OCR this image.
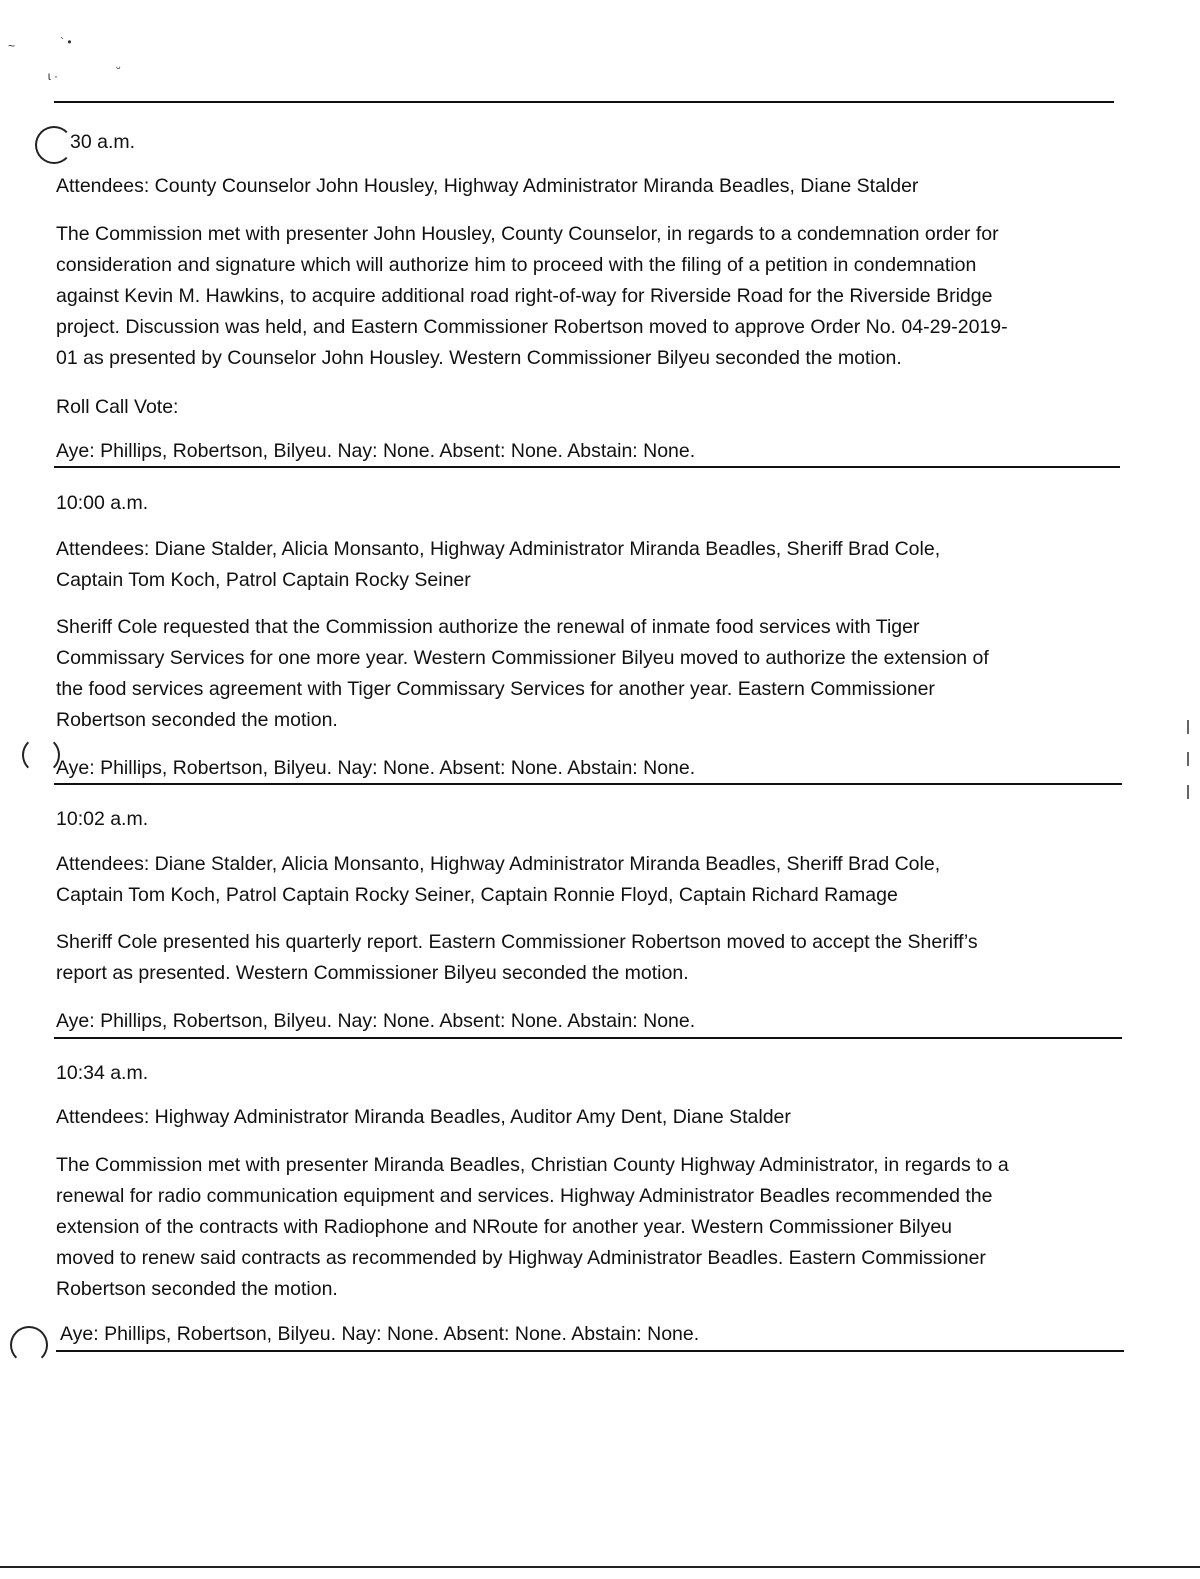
~	` •
ɩ ·
ᵕ
30 a.m.
Attendees: County Counselor John Housley, Highway Administrator Miranda Beadles, Diane Stalder
The Commission met with presenter John Housley, County Counselor, in regards to a condemnation order for
consideration and signature which will authorize him to proceed with the filing of a petition in condemnation
against Kevin M. Hawkins, to acquire additional road right-of-way for Riverside Road for the Riverside Bridge
project. Discussion was held, and Eastern Commissioner Robertson moved to approve Order No. 04-29-2019-
01 as presented by Counselor John Housley. Western Commissioner Bilyeu seconded the motion.
Roll Call Vote:
Aye: Phillips, Robertson, Bilyeu. Nay: None. Absent: None. Abstain: None.
10:00 a.m.
Attendees: Diane Stalder, Alicia Monsanto, Highway Administrator Miranda Beadles, Sheriff Brad Cole,
Captain Tom Koch, Patrol Captain Rocky Seiner
Sheriff Cole requested that the Commission authorize the renewal of inmate food services with Tiger
Commissary Services for one more year. Western Commissioner Bilyeu moved to authorize the extension of
the food services agreement with Tiger Commissary Services for another year. Eastern Commissioner
Robertson seconded the motion.
Aye: Phillips, Robertson, Bilyeu. Nay: None. Absent: None. Abstain: None.
10:02 a.m.
Attendees: Diane Stalder, Alicia Monsanto, Highway Administrator Miranda Beadles, Sheriff Brad Cole,
Captain Tom Koch, Patrol Captain Rocky Seiner, Captain Ronnie Floyd, Captain Richard Ramage
Sheriff Cole presented his quarterly report. Eastern Commissioner Robertson moved to accept the Sheriff’s
report as presented. Western Commissioner Bilyeu seconded the motion.
Aye: Phillips, Robertson, Bilyeu. Nay: None. Absent: None. Abstain: None.
10:34 a.m.
Attendees: Highway Administrator Miranda Beadles, Auditor Amy Dent, Diane Stalder
The Commission met with presenter Miranda Beadles, Christian County Highway Administrator, in regards to a
renewal for radio communication equipment and services. Highway Administrator Beadles recommended the
extension of the contracts with Radiophone and NRoute for another year. Western Commissioner Bilyeu
moved to renew said contracts as recommended by Highway Administrator Beadles. Eastern Commissioner
Robertson seconded the motion.
Aye: Phillips, Robertson, Bilyeu. Nay: None. Absent: None. Abstain: None.
